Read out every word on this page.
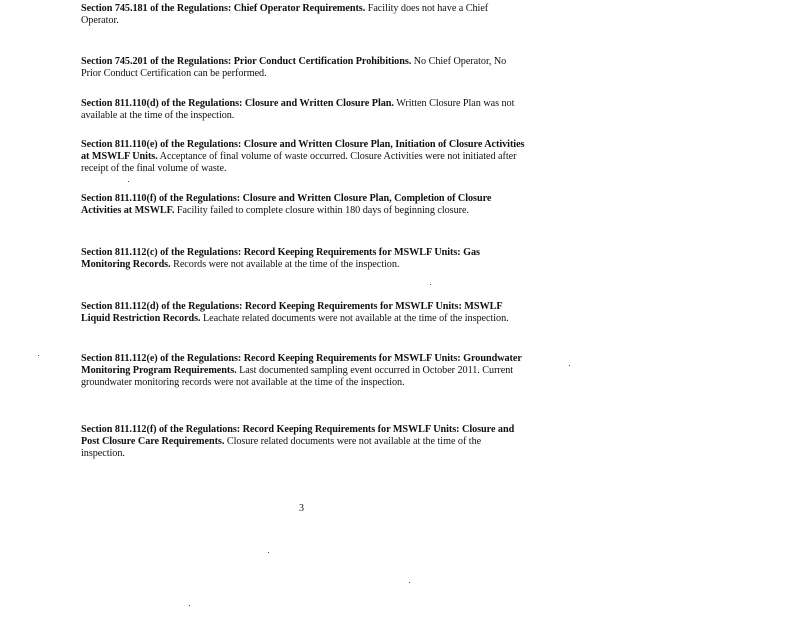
Section 745.181 of the Regulations: Chief Operator Requirements. Facility does not have a Chief Operator.

Section 745.201 of the Regulations: Prior Conduct Certification Prohibitions. No Chief Operator, No Prior Conduct Certification can be performed.

Section 811.110(d) of the Regulations: Closure and Written Closure Plan. Written Closure Plan was not available at the time of the inspection.

Section 811.110(e) of the Regulations: Closure and Written Closure Plan, Initiation of Closure Activities at MSWLF Units. Acceptance of final volume of waste occurred. Closure Activities were not initiated after receipt of the final volume of waste.

Section 811.110(f) of the Regulations: Closure and Written Closure Plan, Completion of Closure Activities at MSWLF. Facility failed to complete closure within 180 days of beginning closure.

Section 811.112(c) of the Regulations: Record Keeping Requirements for MSWLF Units: Gas Monitoring Records. Records were not available at the time of the inspection.

Section 811.112(d) of the Regulations: Record Keeping Requirements for MSWLF Units: MSWLF Liquid Restriction Records. Leachate related documents were not available at the time of the inspection.

Section 811.112(e) of the Regulations: Record Keeping Requirements for MSWLF Units: Groundwater Monitoring Program Requirements. Last documented sampling event occurred in October 2011. Current groundwater monitoring records were not available at the time of the inspection.

Section 811.112(f) of the Regulations: Record Keeping Requirements for MSWLF Units: Closure and Post Closure Care Requirements. Closure related documents were not available at the time of the inspection.

3
